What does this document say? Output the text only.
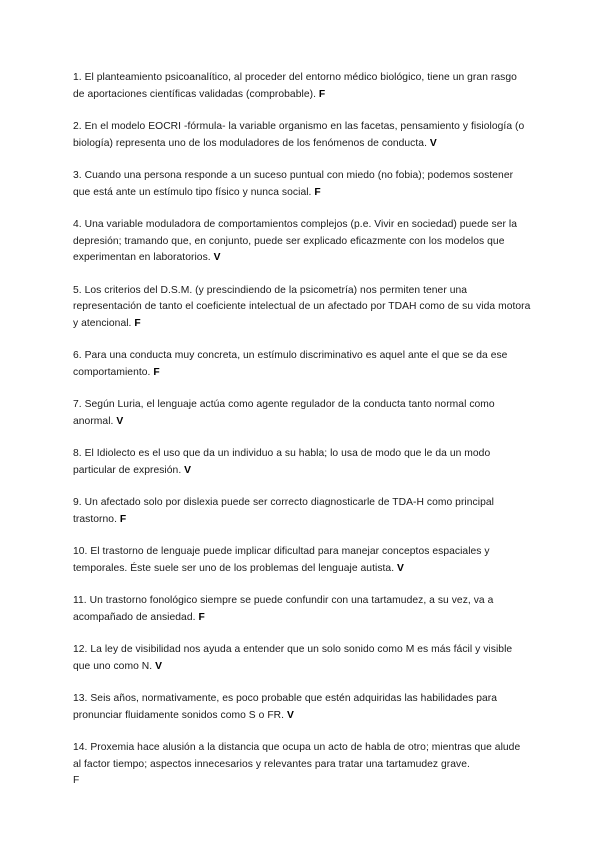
1. El planteamiento psicoanalítico, al proceder del entorno médico biológico, tiene un gran rasgo de aportaciones científicas validadas (comprobable). F

2. En el modelo EOCRI -fórmula- la variable organismo en las facetas, pensamiento y fisiología (o biología) representa uno de los moduladores de los fenómenos de conducta. V

3. Cuando una persona responde a un suceso puntual con miedo (no fobia); podemos sostener que está ante un estímulo tipo físico y nunca social. F

4. Una variable moduladora de comportamientos complejos (p.e. Vivir en sociedad) puede ser la depresión; tramando que, en conjunto, puede ser explicado eficazmente con los modelos que experimentan en laboratorios. V

5. Los criterios del D.S.M. (y prescindiendo de la psicometría) nos permiten tener una representación de tanto el coeficiente intelectual de un afectado por TDAH como de su vida motora y atencional. F

6. Para una conducta muy concreta, un estímulo discriminativo es aquel ante el que se da ese comportamiento. F

7. Según Luria, el lenguaje actúa como agente regulador de la conducta tanto normal como anormal. V

8. El Idiolecto es el uso que da un individuo a su habla; lo usa de modo que le da un modo particular de expresión. V

9. Un afectado solo por dislexia puede ser correcto diagnosticarle de TDA-H como principal trastorno. F

10. El trastorno de lenguaje puede implicar dificultad para manejar conceptos espaciales y temporales. Éste suele ser uno de los problemas del lenguaje autista. V

11. Un trastorno fonológico siempre se puede confundir con una tartamudez, a su vez, va a acompañado de ansiedad. F

12. La ley de visibilidad nos ayuda a entender que un solo sonido como M es más fácil y visible que uno como N. V

13. Seis años, normativamente, es poco probable que estén adquiridas las habilidades para pronunciar fluidamente sonidos como S o FR. V

14. Proxemia hace alusión a la distancia que ocupa un acto de habla de otro; mientras que alude al factor tiempo; aspectos innecesarios y relevantes para tratar una tartamudez grave.
F
